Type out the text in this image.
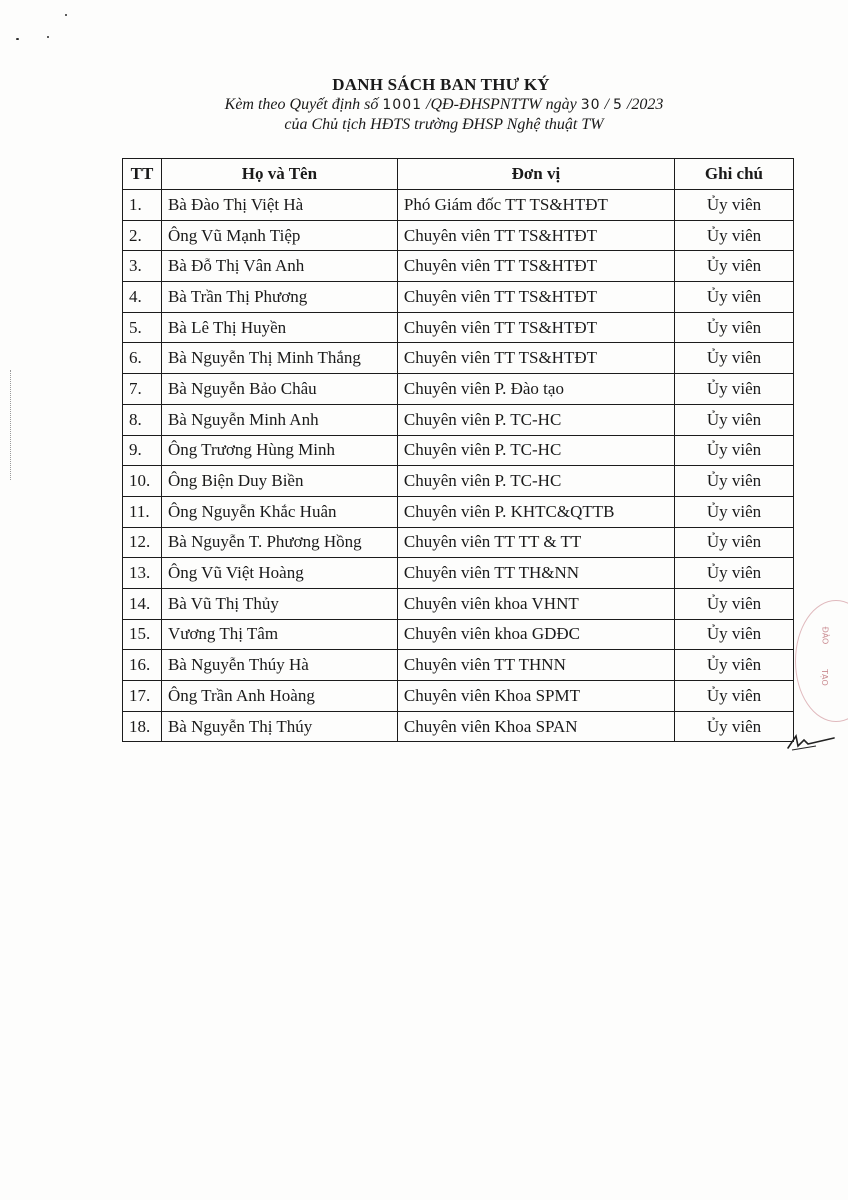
DANH SÁCH BAN THƯ KÝ
Kèm theo Quyết định số 1001 /QĐ-ĐHSPNTTW ngày 30 / 5 /2023
của Chủ tịch HĐTS trường ĐHSP Nghệ thuật TW
TT	Họ và Tên	Đơn vị	Ghi chú
1.	Bà Đào Thị Việt Hà	Phó Giám đốc TT TS&HTĐT	Ủy viên
2.	Ông Vũ Mạnh Tiệp	Chuyên viên TT TS&HTĐT	Ủy viên
3.	Bà Đỗ Thị Vân Anh	Chuyên viên TT TS&HTĐT	Ủy viên
4.	Bà Trần Thị Phương	Chuyên viên TT TS&HTĐT	Ủy viên
5.	Bà Lê Thị Huyền	Chuyên viên TT TS&HTĐT	Ủy viên
6.	Bà Nguyễn Thị Minh Thắng	Chuyên viên TT TS&HTĐT	Ủy viên
7.	Bà Nguyễn Bảo Châu	Chuyên viên P. Đào tạo	Ủy viên
8.	Bà Nguyễn Minh Anh	Chuyên viên P. TC-HC	Ủy viên
9.	Ông Trương Hùng Minh	Chuyên viên P. TC-HC	Ủy viên
10.	Ông Biện Duy Biền	Chuyên viên P. TC-HC	Ủy viên
11.	Ông Nguyễn Khắc Huân	Chuyên viên P. KHTC&QTTB	Ủy viên
12.	Bà Nguyễn T. Phương Hồng	Chuyên viên TT TT & TT	Ủy viên
13.	Ông Vũ Việt Hoàng	Chuyên viên TT TH&NN	Ủy viên
14.	Bà Vũ Thị Thủy	Chuyên viên khoa VHNT	Ủy viên
15.	Vương Thị Tâm	Chuyên viên khoa GDĐC	Ủy viên
16.	Bà Nguyễn Thúy Hà	Chuyên viên TT THNN	Ủy viên
17.	Ông Trần Anh Hoàng	Chuyên viên Khoa SPMT	Ủy viên
18.	Bà Nguyễn Thị Thúy	Chuyên viên Khoa SPAN	Ủy viên
ĐÀO
TẠO
